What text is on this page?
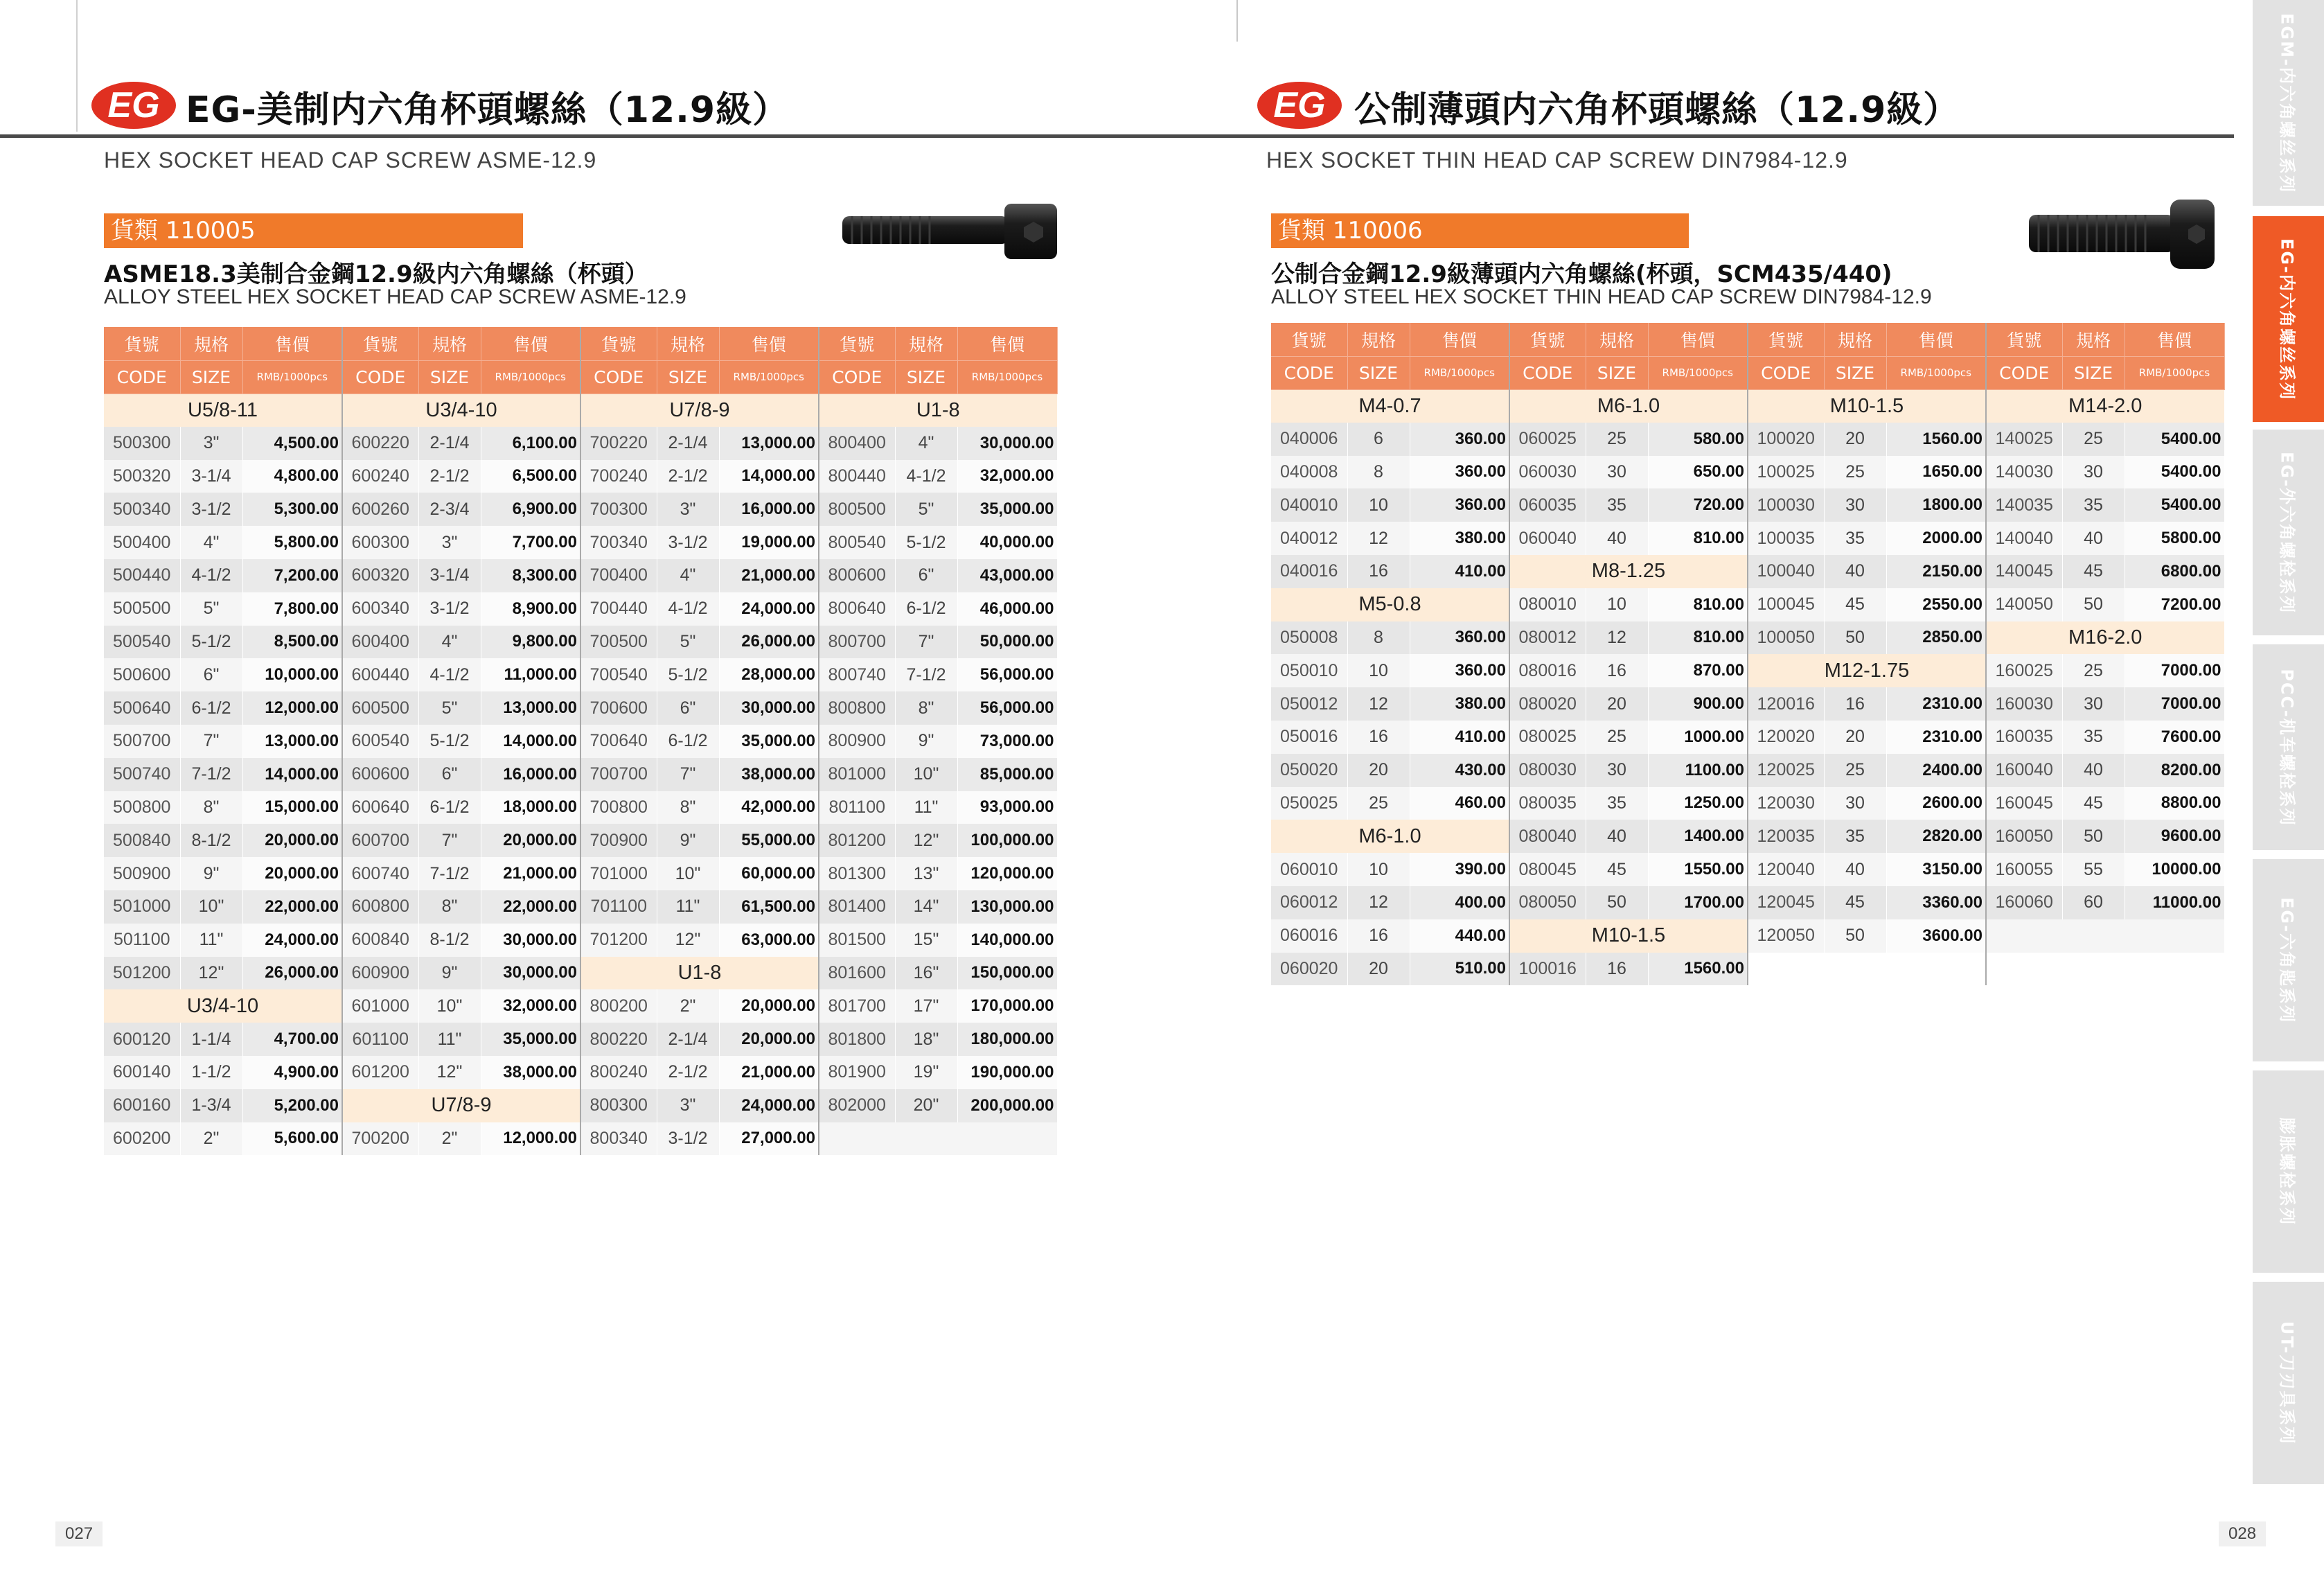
EG EG-美制内六角杯頭螺絲（12.9級）
HEX SOCKET HEAD CAP SCREW ASME-12.9
貨類 110005
ASME18.3美制合金鋼12.9級内六角螺絲（杯頭）
ALLOY STEEL HEX SOCKET HEAD CAP SCREW ASME-12.9
貨號	規格	售價	貨號	規格	售價	貨號	規格	售價	貨號	規格	售價
CODE	SIZE	RMB/1000pcs	CODE	SIZE	RMB/1000pcs	CODE	SIZE	RMB/1000pcs	CODE	SIZE	RMB/1000pcs
U5/8-11			U3/4-10			U7/8-9			U1-8		
500300	3"	4,500.00	600220	2-1/4	6,100.00	700220	2-1/4	13,000.00	800400	4"	30,000.00
500320	3-1/4	4,800.00	600240	2-1/2	6,500.00	700240	2-1/2	14,000.00	800440	4-1/2	32,000.00
500340	3-1/2	5,300.00	600260	2-3/4	6,900.00	700300	3"	16,000.00	800500	5"	35,000.00
500400	4"	5,800.00	600300	3"	7,700.00	700340	3-1/2	19,000.00	800540	5-1/2	40,000.00
500440	4-1/2	7,200.00	600320	3-1/4	8,300.00	700400	4"	21,000.00	800600	6"	43,000.00
500500	5"	7,800.00	600340	3-1/2	8,900.00	700440	4-1/2	24,000.00	800640	6-1/2	46,000.00
500540	5-1/2	8,500.00	600400	4"	9,800.00	700500	5"	26,000.00	800700	7"	50,000.00
500600	6"	10,000.00	600440	4-1/2	11,000.00	700540	5-1/2	28,000.00	800740	7-1/2	56,000.00
500640	6-1/2	12,000.00	600500	5"	13,000.00	700600	6"	30,000.00	800800	8"	56,000.00
500700	7"	13,000.00	600540	5-1/2	14,000.00	700640	6-1/2	35,000.00	800900	9"	73,000.00
500740	7-1/2	14,000.00	600600	6"	16,000.00	700700	7"	38,000.00	801000	10"	85,000.00
500800	8"	15,000.00	600640	6-1/2	18,000.00	700800	8"	42,000.00	801100	11"	93,000.00
500840	8-1/2	20,000.00	600700	7"	20,000.00	700900	9"	55,000.00	801200	12"	100,000.00
500900	9"	20,000.00	600740	7-1/2	21,000.00	701000	10"	60,000.00	801300	13"	120,000.00
501000	10"	22,000.00	600800	8"	22,000.00	701100	11"	61,500.00	801400	14"	130,000.00
501100	11"	24,000.00	600840	8-1/2	30,000.00	701200	12"	63,000.00	801500	15"	140,000.00
501200	12"	26,000.00	600900	9"	30,000.00	U1-8			801600	16"	150,000.00
U3/4-10			601000	10"	32,000.00	800200	2"	20,000.00	801700	17"	170,000.00
600120	1-1/4	4,700.00	601100	11"	35,000.00	800220	2-1/4	20,000.00	801800	18"	180,000.00
600140	1-1/2	4,900.00	601200	12"	38,000.00	800240	2-1/2	21,000.00	801900	19"	190,000.00
600160	1-3/4	5,200.00	U7/8-9			800300	3"	24,000.00	802000	20"	200,000.00
600200	2"	5,600.00	700200	2"	12,000.00	800340	3-1/2	27,000.00			
027
EG 公制薄頭内六角杯頭螺絲（12.9級）
HEX SOCKET THIN HEAD CAP SCREW DIN7984-12.9
貨類 110006
公制合金鋼12.9級薄頭内六角螺絲(杯頭，SCM435/440)
ALLOY STEEL HEX SOCKET THIN HEAD CAP SCREW DIN7984-12.9
貨號	規格	售價	貨號	規格	售價	貨號	規格	售價	貨號	規格	售價
CODE	SIZE	RMB/1000pcs	CODE	SIZE	RMB/1000pcs	CODE	SIZE	RMB/1000pcs	CODE	SIZE	RMB/1000pcs
M4-0.7			M6-1.0			M10-1.5			M14-2.0		
040006	6	360.00	060025	25	580.00	100020	20	1560.00	140025	25	5400.00
040008	8	360.00	060030	30	650.00	100025	25	1650.00	140030	30	5400.00
040010	10	360.00	060035	35	720.00	100030	30	1800.00	140035	35	5400.00
040012	12	380.00	060040	40	810.00	100035	35	2000.00	140040	40	5800.00
040016	16	410.00	M8-1.25			100040	40	2150.00	140045	45	6800.00
M5-0.8			080010	10	810.00	100045	45	2550.00	140050	50	7200.00
050008	8	360.00	080012	12	810.00	100050	50	2850.00	M16-2.0		
050010	10	360.00	080016	16	870.00	M12-1.75			160025	25	7000.00
050012	12	380.00	080020	20	900.00	120016	16	2310.00	160030	30	7000.00
050016	16	410.00	080025	25	1000.00	120020	20	2310.00	160035	35	7600.00
050020	20	430.00	080030	30	1100.00	120025	25	2400.00	160040	40	8200.00
050025	25	460.00	080035	35	1250.00	120030	30	2600.00	160045	45	8800.00
M6-1.0			080040	40	1400.00	120035	35	2820.00	160050	50	9600.00
060010	10	390.00	080045	45	1550.00	120040	40	3150.00	160055	55	10000.00
060012	12	400.00	080050	50	1700.00	120045	45	3360.00	160060	60	11000.00
060016	16	440.00	M10-1.5			120050	50	3600.00			
060020	20	510.00	100016	16	1560.00						
028
EGM-内六角螺丝系列
EG-内六角螺丝系列
EG-外六角螺栓系列
PCC-机车螺栓系列
EG-六角匙系列
膨胀螺栓系列
UT-刀刃具系列
